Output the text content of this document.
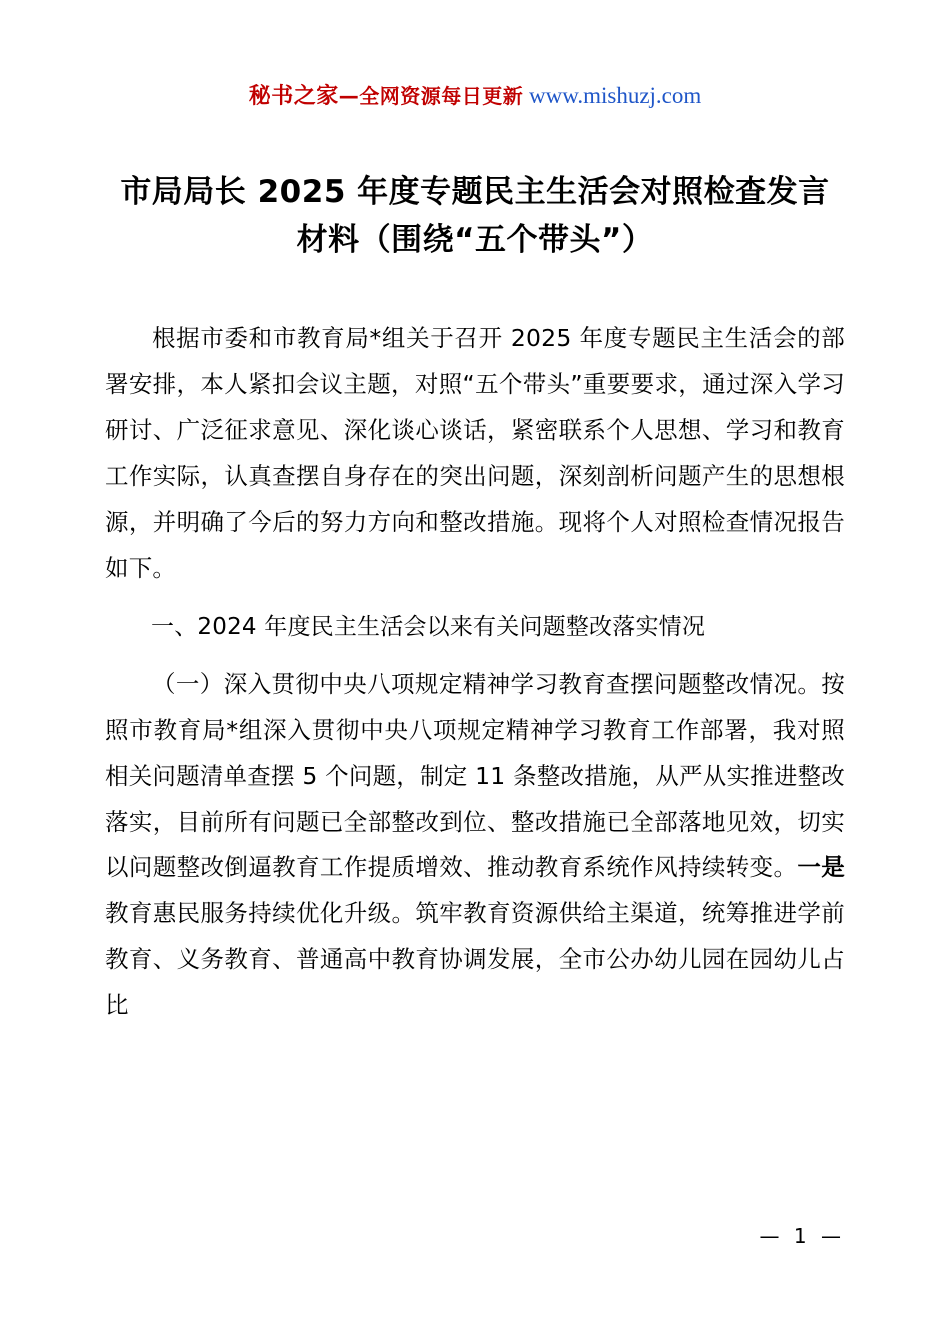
秘书之家—全网资源每日更新 www.mishuzj.com
市局局长 2025 年度专题民主生活会对照检查发言材料（围绕“五个带头”）

根据市委和市教育局*组关于召开 2025 年度专题民主生活会的部署安排，本人紧扣会议主题，对照“五个带头”重要要求，通过深入学习研讨、广泛征求意见、深化谈心谈话，紧密联系个人思想、学习和教育工作实际，认真查摆自身存在的突出问题，深刻剖析问题产生的思想根源，并明确了今后的努力方向和整改措施。现将个人对照检查情况报告如下。

一、2024 年度民主生活会以来有关问题整改落实情况

（一）深入贯彻中央八项规定精神学习教育查摆问题整改情况。按照市教育局*组深入贯彻中央八项规定精神学习教育工作部署，我对照相关问题清单查摆 5 个问题，制定 11 条整改措施，从严从实推进整改落实，目前所有问题已全部整改到位、整改措施已全部落地见效，切实以问题整改倒逼教育工作提质增效、推动教育系统作风持续转变。一是教育惠民服务持续优化升级。筑牢教育资源供给主渠道，统筹推进学前教育、义务教育、普通高中教育协调发展，全市公办幼儿园在园幼儿占比

— 1 —
